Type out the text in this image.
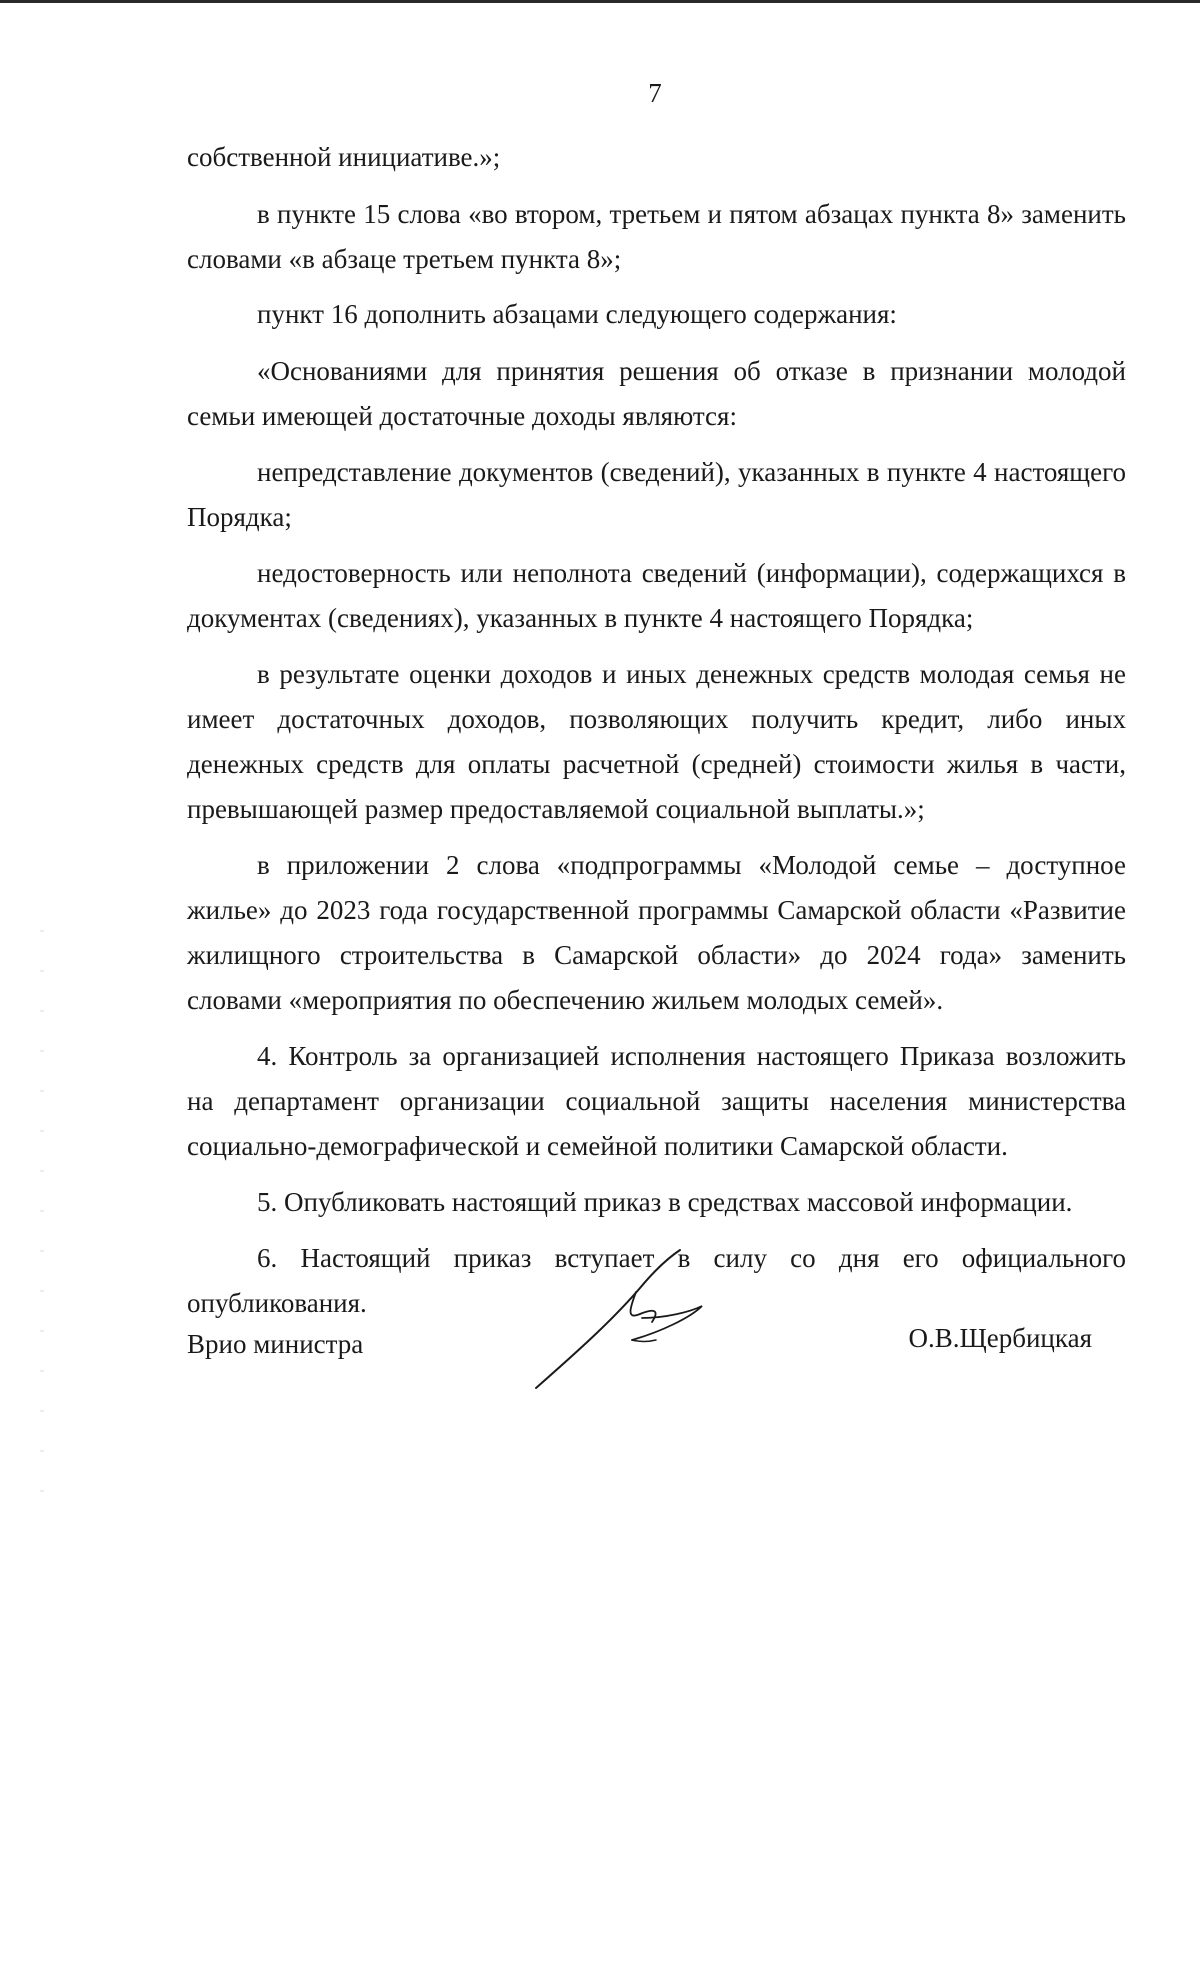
7

собственной инициативе.»;

в пункте 15 слова «во втором, третьем и пятом абзацах пункта 8» заменить словами «в абзаце третьем пункта 8»;

пункт 16 дополнить абзацами следующего содержания:

«Основаниями для принятия решения об отказе в признании молодой семьи имеющей достаточные доходы являются:

непредставление документов (сведений), указанных в пункте 4 настоящего Порядка;

недостоверность или неполнота сведений (информации), содержащихся в документах (сведениях), указанных в пункте 4 настоящего Порядка;

в результате оценки доходов и иных денежных средств молодая семья не имеет достаточных доходов, позволяющих получить кредит, либо иных денежных средств для оплаты расчетной (средней) стоимости жилья в части, превышающей размер предоставляемой социальной выплаты.»;

в приложении 2 слова «подпрограммы «Молодой семье – доступное жилье» до 2023 года государственной программы Самарской области «Развитие жилищного строительства в Самарской области» до 2024 года» заменить словами «мероприятия по обеспечению жильем молодых семей».

4. Контроль за организацией исполнения настоящего Приказа возложить на департамент организации социальной защиты населения министерства социально-демографической и семейной политики Самарской области.

5. Опубликовать настоящий приказ в средствах массовой информации.

6. Настоящий приказ вступает в силу со дня его официального опубликования.

Врио министра	О.В.Щербицкая
